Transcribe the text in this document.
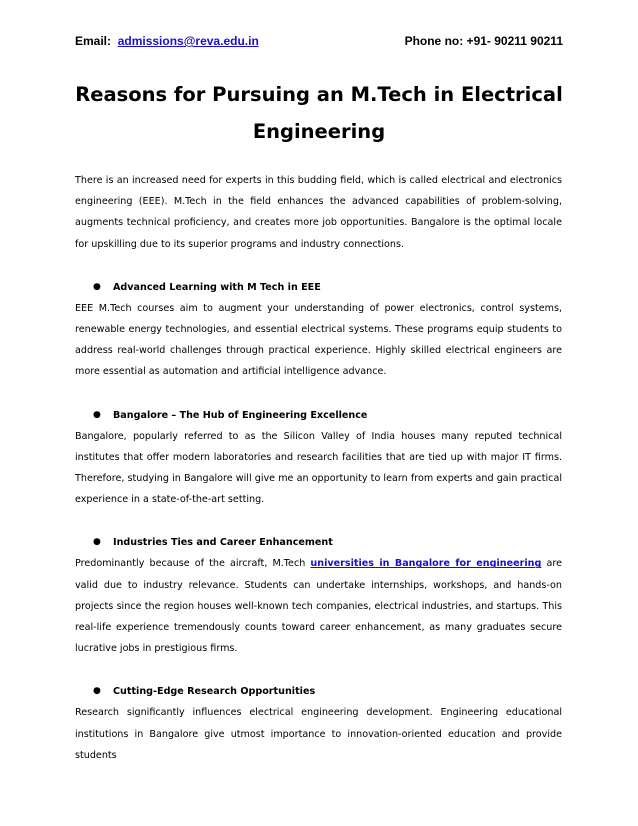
Email: admissions@reva.edu.in	Phone no: +91- 90211 90211
Reasons for Pursuing an M.Tech in Electrical
Engineering

There is an increased need for experts in this budding field, which is called electrical and electronics engineering (EEE). M.Tech in the field enhances the advanced capabilities of problem-solving, augments technical proficiency, and creates more job opportunities. Bangalore is the optimal locale for upskilling due to its superior programs and industry connections.

●	Advanced Learning with M Tech in EEE

EEE M.Tech courses aim to augment your understanding of power electronics, control systems, renewable energy technologies, and essential electrical systems. These programs equip students to address real-world challenges through practical experience. Highly skilled electrical engineers are more essential as automation and artificial intelligence advance.

●	Bangalore – The Hub of Engineering Excellence

Bangalore, popularly referred to as the Silicon Valley of India houses many reputed technical institutes that offer modern laboratories and research facilities that are tied up with major IT firms. Therefore, studying in Bangalore will give me an opportunity to learn from experts and gain practical experience in a state-of-the-art setting.

●	Industries Ties and Career Enhancement

Predominantly because of the aircraft, M.Tech universities in Bangalore for engineering are valid due to industry relevance. Students can undertake internships, workshops, and hands-on projects since the region houses well-known tech companies, electrical industries, and startups. This real-life experience tremendously counts toward career enhancement, as many graduates secure lucrative jobs in prestigious firms.

●	Cutting-Edge Research Opportunities

Research significantly influences electrical engineering development. Engineering educational institutions in Bangalore give utmost importance to innovation-oriented education and provide students
